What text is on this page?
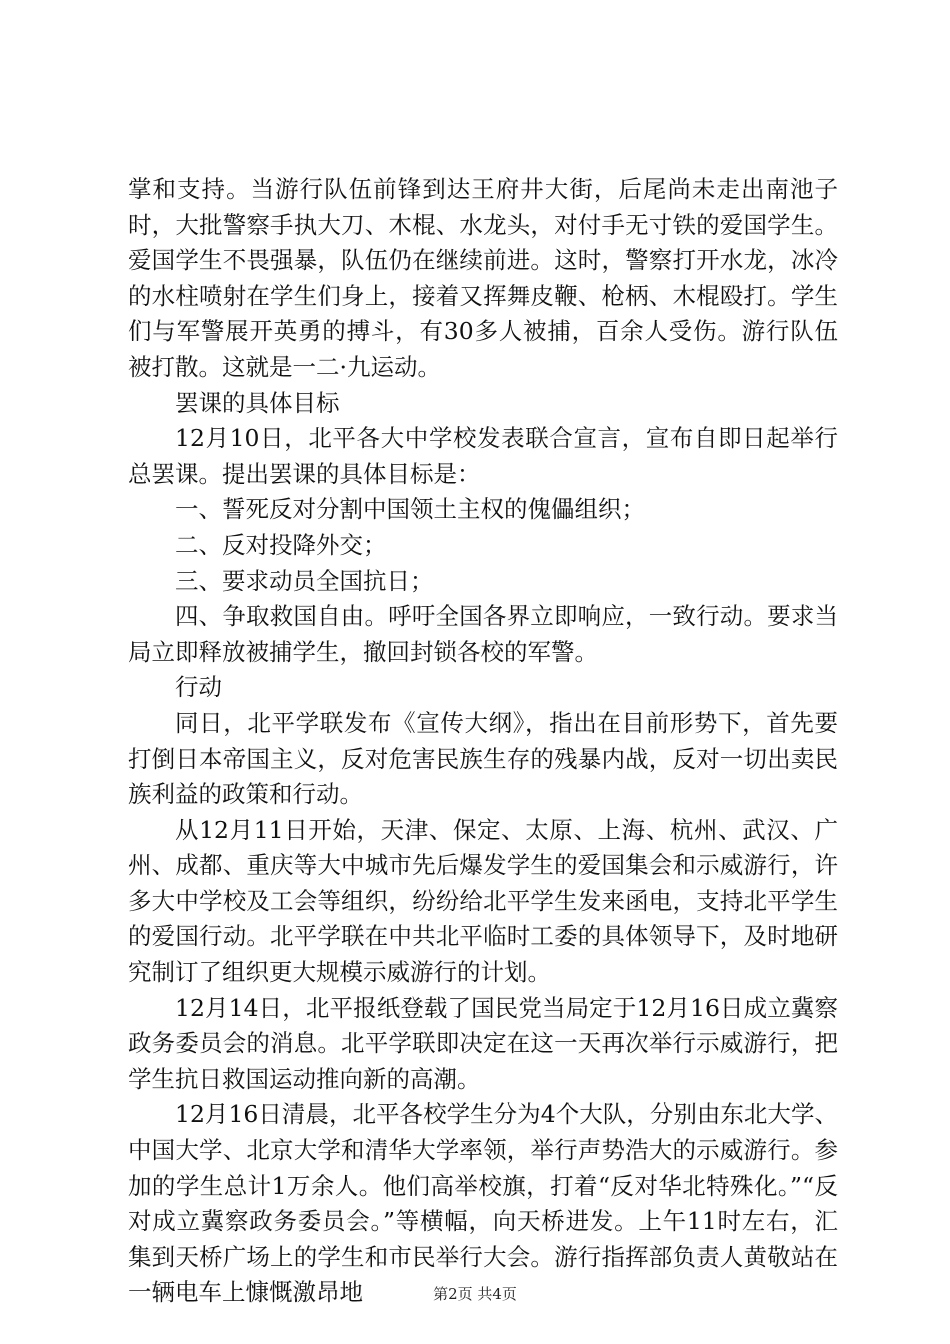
掌和支持。当游行队伍前锋到达王府井大街，后尾尚未走出南池子时，大批警察手执大刀、木棍、水龙头，对付手无寸铁的爱国学生。爱国学生不畏强暴，队伍仍在继续前进。这时，警察打开水龙，冰冷的水柱喷射在学生们身上，接着又挥舞皮鞭、枪柄、木棍殴打。学生们与军警展开英勇的搏斗，有30多人被捕，百余人受伤。游行队伍被打散。这就是一二·九运动。

罢课的具体目标

12月10日，北平各大中学校发表联合宣言，宣布自即日起举行总罢课。提出罢课的具体目标是：

一、誓死反对分割中国领土主权的傀儡组织；

二、反对投降外交；

三、要求动员全国抗日；

四、争取救国自由。呼吁全国各界立即响应，一致行动。要求当局立即释放被捕学生，撤回封锁各校的军警。

行动

同日，北平学联发布《宣传大纲》，指出在目前形势下，首先要打倒日本帝国主义，反对危害民族生存的残暴内战，反对一切出卖民族利益的政策和行动。

从12月11日开始，天津、保定、太原、上海、杭州、武汉、广州、成都、重庆等大中城市先后爆发学生的爱国集会和示威游行，许多大中学校及工会等组织，纷纷给北平学生发来函电，支持北平学生的爱国行动。北平学联在中共北平临时工委的具体领导下，及时地研究制订了组织更大规模示威游行的计划。

12月14日，北平报纸登载了国民党当局定于12月16日成立冀察政务委员会的消息。北平学联即决定在这一天再次举行示威游行，把学生抗日救国运动推向新的高潮。

12月16日清晨，北平各校学生分为4个大队，分别由东北大学、中国大学、北京大学和清华大学率领，举行声势浩大的示威游行。参加的学生总计1万余人。他们高举校旗，打着“反对华北特殊化。”“反对成立冀察政务委员会。”等横幅，向天桥进发。上午11时左右，汇集到天桥广场上的学生和市民举行大会。游行指挥部负责人黄敬站在一辆电车上慷慨激昂地	第2页 共4页
